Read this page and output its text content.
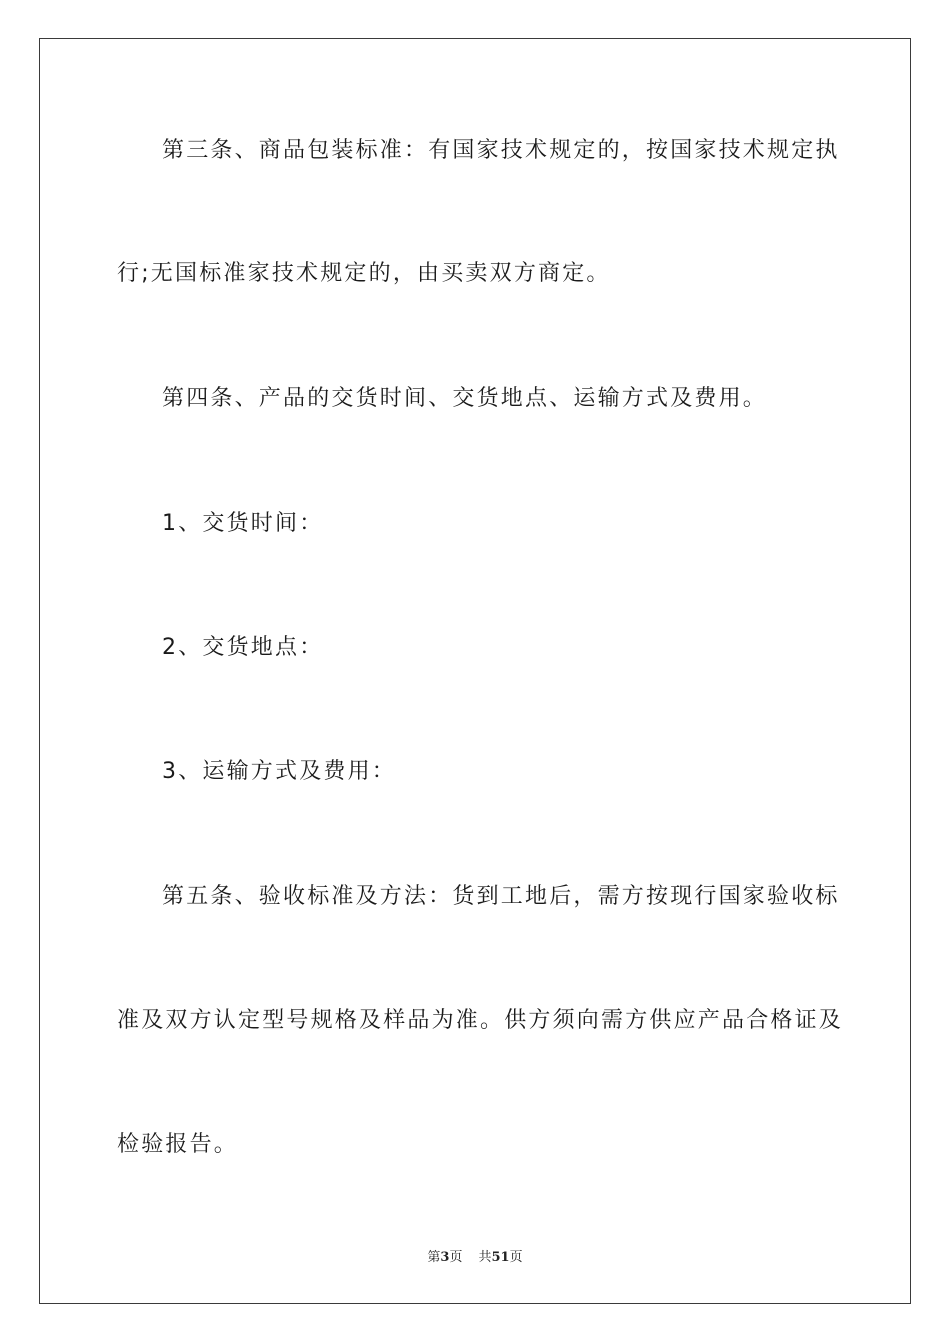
第三条、商品包装标准：有国家技术规定的，按国家技术规定执
行;无国标准家技术规定的，由买卖双方商定。
第四条、产品的交货时间、交货地点、运输方式及费用。
1、交货时间：
2、交货地点：
3、运输方式及费用：
第五条、验收标准及方法：货到工地后，需方按现行国家验收标
准及双方认定型号规格及样品为准。供方须向需方供应产品合格证及
检验报告。
第3页 共51页
